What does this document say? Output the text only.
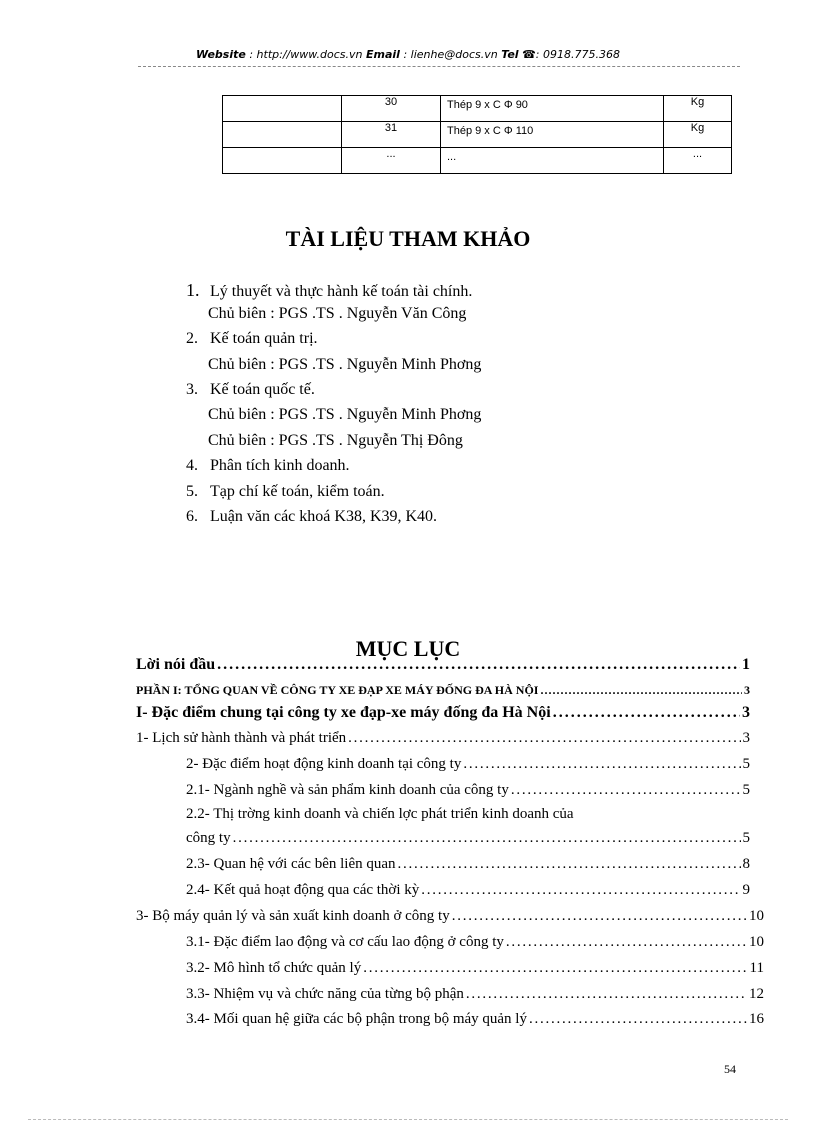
Website : http://www.docs.vn Email : lienhe@docs.vn Tel ☎: 0918.775.368
	30	Thép 9 x C Φ 90	Kg
	31	Thép 9 x C Φ 110	Kg
	...	...	...
TÀI LIỆU THAM KHẢO
1. Lý thuyết và thực hành kế toán tài chính.
Chủ biên : PGS .TS . Nguyễn Văn Công
2. Kế toán quản trị.
Chủ biên : PGS .TS . Nguyễn Minh Phơng
3. Kế toán quốc tế.
Chủ biên : PGS .TS . Nguyễn Minh Phơng
Chủ biên : PGS .TS . Nguyễn Thị Đông
4. Phân tích kinh doanh.
5. Tạp chí kế toán, kiểm toán.
6. Luận văn các khoá K38, K39, K40.
MỤC LỤC
Lời nói đầu . . .	1
PHẦN I: TỔNG QUAN VỀ CÔNG TY XE ĐẠP XE MÁY ĐỐNG ĐA HÀ NỘI . . .	3
I- Đặc điểm chung tại công ty xe đạp-xe máy đống đa Hà Nội . . .	3
1- Lịch sử hành thành và phát triển . . .	3
2- Đặc điểm hoạt động kinh doanh tại công ty . . .	5
2.1- Ngành nghề và sản phẩm kinh doanh của công ty . . .	5
2.2- Thị trờng kinh doanh và chiến lợc phát triển kinh doanh của
công ty . . .	5
2.3- Quan hệ với các bên liên quan . . .	8
2.4- Kết quả hoạt động qua các thời kỳ . . .	9
3- Bộ máy quản lý và sản xuất kinh doanh ở công ty . . .	10
3.1- Đặc điểm lao động và cơ cấu lao động ở công ty . . .	10
3.2- Mô hình tổ chức quản lý . . .	11
3.3- Nhiệm vụ và chức năng của từng bộ phận . . .	12
3.4- Mối quan hệ giữa các bộ phận trong bộ máy quản lý . . .	16
54
